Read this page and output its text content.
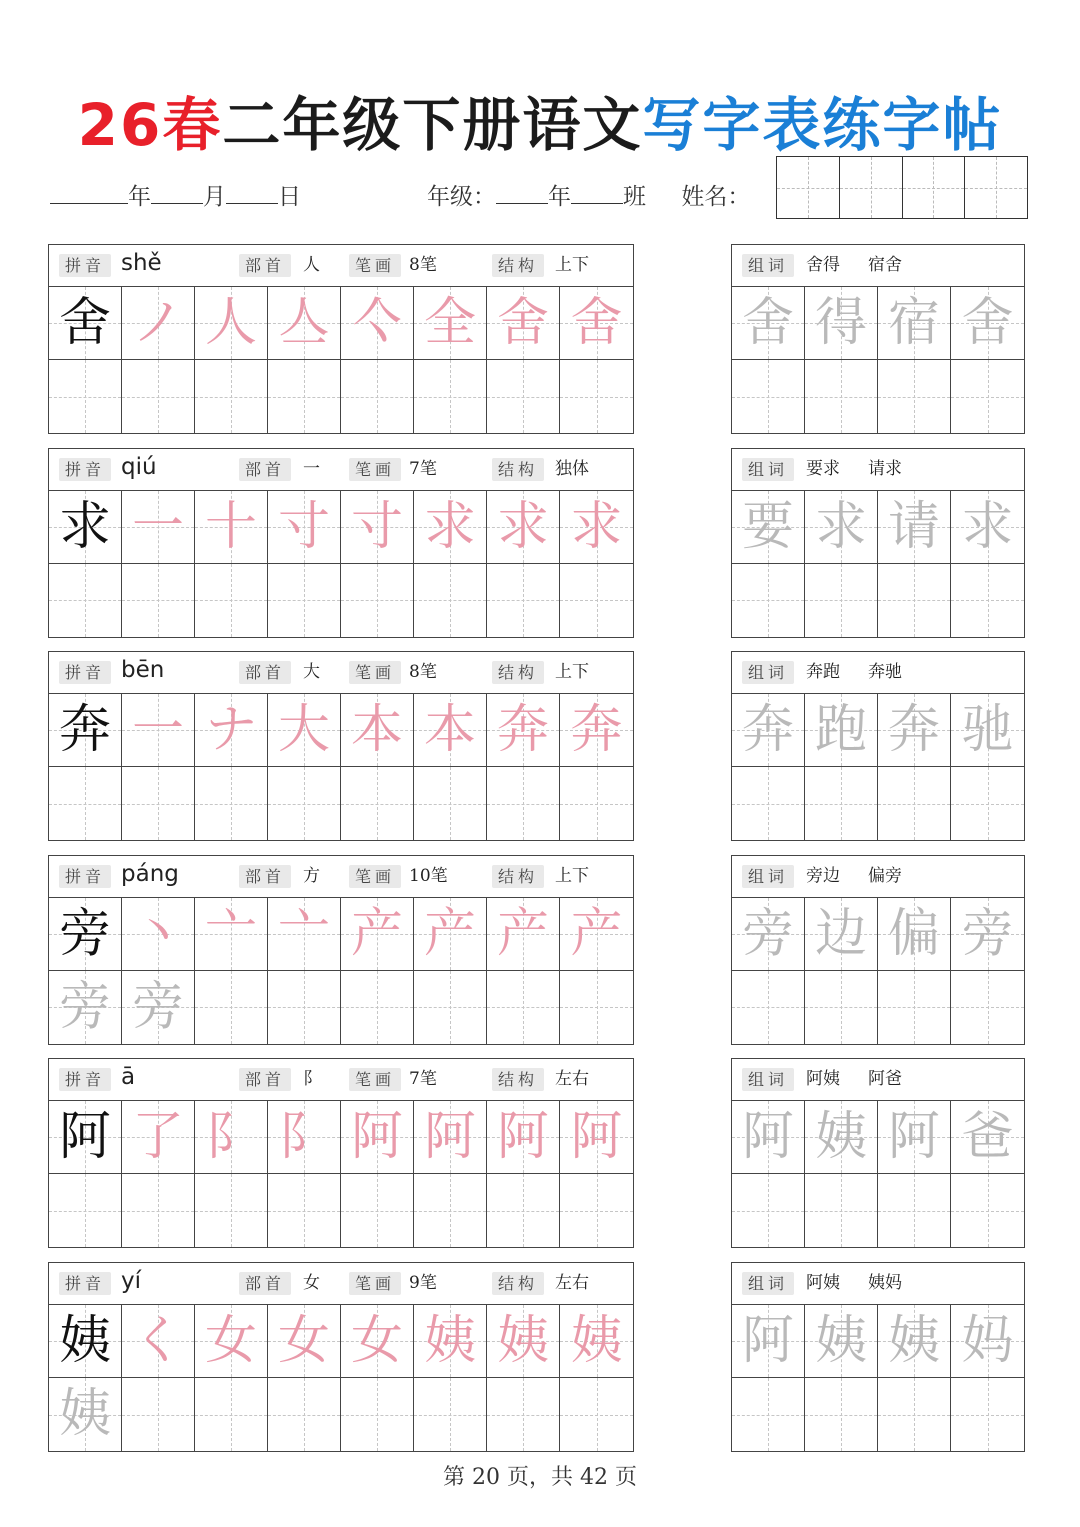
26春二年级下册语文写字表练字帖
年 月 日	年级： 年 班 姓名：
拼音 shě	部首	人	笔画 8笔	结构 上下
舍 ノ 人 亼 亽 全 舍 舍
组词	舍得 宿舍
舍 得 宿 舍
拼音 qiú	部首	一	笔画 7笔	结构 独体
求 一 十 寸 寸 求 求 求
组词	要求 请求
要 求 请 求
拼音 bēn	部首	大	笔画 8笔	结构 上下
奔 一 ナ 大 本 本 奔 奔
组词	奔跑 奔驰
奔 跑 奔 驰
拼音 páng	部首	方	笔画 10笔	结构 上下
旁 丶 亠 亠 产 产 产 产
旁 旁
组词	旁边 偏旁
旁 边 偏 旁
拼音 ā	部首	阝	笔画 7笔	结构 左右
阿 了 阝 阝 阿 阿 阿 阿
组词	阿姨 阿爸
阿 姨 阿 爸
拼音 yí	部首	女	笔画 9笔	结构 左右
姨 く 女 女 女 姨 姨 姨
姨
组词	阿姨 姨妈
阿 姨 姨 妈
第 20 页，共 42 页
